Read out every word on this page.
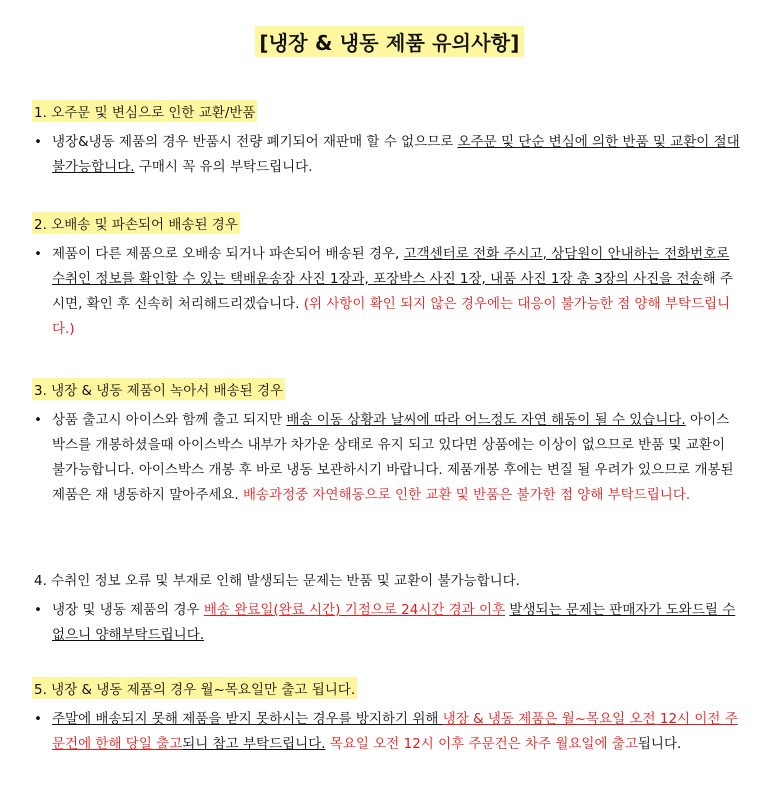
[냉장 & 냉동 제품 유의사항]
1. 오주문 및 변심으로 인한 교환/반품
• 냉장&냉동 제품의 경우 반품시 전량 폐기되어 재판매 할 수 없으므로 오주문 및 단순 변심에 의한 반품 및 교환이 절대 불가능합니다. 구매시 꼭 유의 부탁드립니다.
2. 오배송 및 파손되어 배송된 경우
• 제품이 다른 제품으로 오배송 되거나 파손되어 배송된 경우, 고객센터로 전화 주시고, 상담원이 안내하는 전화번호로 수취인 정보를 확인할 수 있는 택배운송장 사진 1장과, 포장박스 사진 1장, 내품 사진 1장 총 3장의 사진을 전송해 주시면, 확인 후 신속히 처리해드리겠습니다. (위 사항이 확인 되지 않은 경우에는 대응이 불가능한 점 양해 부탁드립니다.)
3. 냉장 & 냉동 제품이 녹아서 배송된 경우
• 상품 출고시 아이스와 함께 출고 되지만 배송 이동 상황과 날씨에 따라 어느정도 자연 해동이 될 수 있습니다. 아이스박스를 개봉하셨을때 아이스박스 내부가 차가운 상태로 유지 되고 있다면 상품에는 이상이 없으므로 반품 및 교환이 불가능합니다. 아이스박스 개봉 후 바로 냉동 보관하시기 바랍니다. 제품개봉 후에는 변질 될 우려가 있으므로 개봉된 제품은 재 냉동하지 말아주세요. 배송과정중 자연해동으로 인한 교환 및 반품은 불가한 점 양해 부탁드립니다.
4. 수취인 정보 오류 및 부재로 인해 발생되는 문제는 반품 및 교환이 불가능합니다.
• 냉장 및 냉동 제품의 경우 배송 완료일(완료 시간) 기점으로 24시간 경과 이후 발생되는 문제는 판매자가 도와드릴 수 없으니 양해부탁드립니다.
5. 냉장 & 냉동 제품의 경우 월~목요일만 출고 됩니다.
• 주말에 배송되지 못해 제품을 받지 못하시는 경우를 방지하기 위해 냉장 & 냉동 제품은 월~목요일 오전 12시 이전 주문건에 한해 당일 출고되니 참고 부탁드립니다. 목요일 오전 12시 이후 주문건은 차주 월요일에 출고됩니다.
